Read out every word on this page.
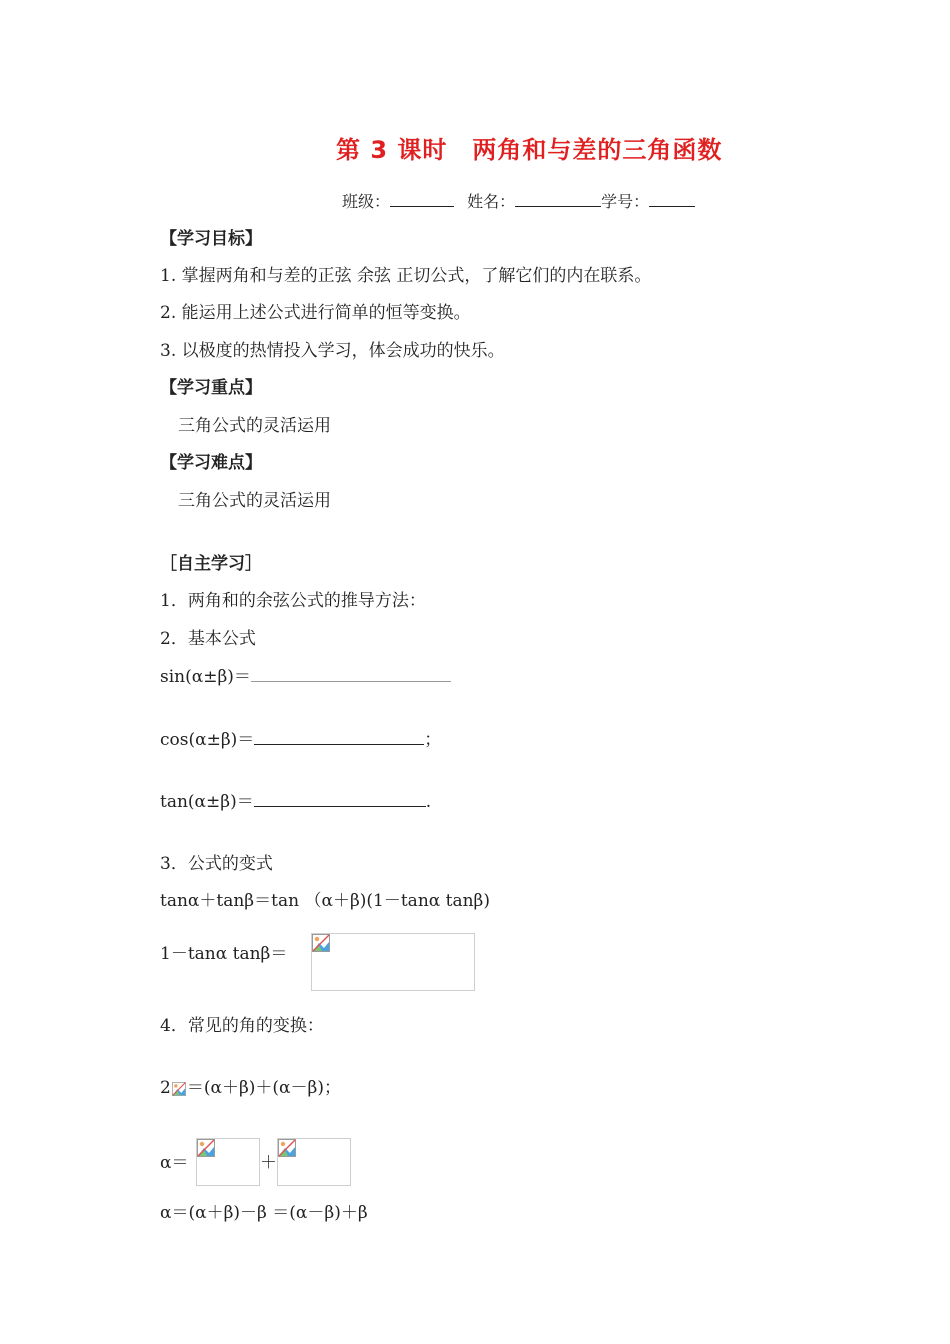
第 3 课时　两角和与差的三角函数
班级：	姓名：	学号：
【学习目标】
1. 掌握两角和与差的正弦 余弦 正切公式，了解它们的内在联系。
2. 能运用上述公式进行简单的恒等变换。
3. 以极度的热情投入学习，体会成功的快乐。
【学习重点】
三角公式的灵活运用
【学习难点】
三角公式的灵活运用
［自主学习］
1．两角和的余弦公式的推导方法：
2．基本公式
sin(α±β)＝
cos(α±β)＝	；
tan(α±β)＝	.
3．公式的变式
tanα＋tanβ＝tan （α＋β)(1－tanα tanβ)
1－tanα tanβ＝
4．常见的角的变换：
2 ＝(α＋β)＋(α－β)；
α＝	＋
α＝(α＋β)－β ＝(α－β)＋β
